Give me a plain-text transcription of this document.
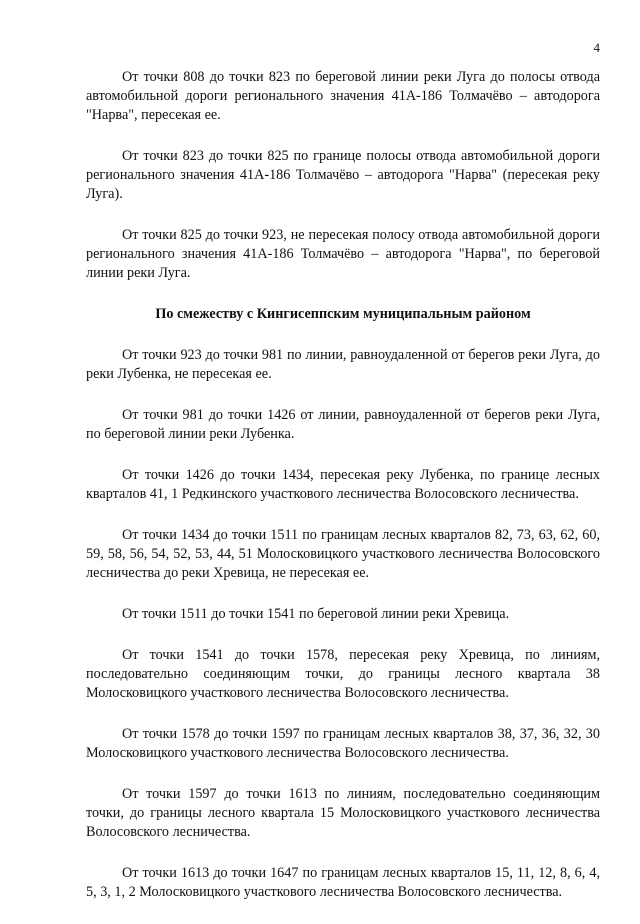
4

От точки 808 до точки 823 по береговой линии реки Луга до полосы отвода автомобильной дороги регионального значения 41А-186 Толмачёво – автодорога "Нарва", пересекая ее.

От точки 823 до точки 825 по границе полосы отвода автомобильной дороги регионального значения 41А-186 Толмачёво – автодорога "Нарва" (пересекая реку Луга).

От точки 825 до точки 923, не пересекая полосу отвода автомобильной дороги регионального значения 41А-186 Толмачёво – автодорога "Нарва", по береговой линии реки Луга.

По смежеству с Кингисеппским муниципальным районом

От точки 923 до точки 981 по линии, равноудаленной от берегов реки Луга, до реки Лубенка, не пересекая ее.

От точки 981 до точки 1426 от линии, равноудаленной от берегов реки Луга, по береговой линии реки Лубенка.

От точки 1426 до точки 1434, пересекая реку Лубенка, по границе лесных кварталов 41, 1 Редкинского участкового лесничества Волосовского лесничества.

От точки 1434 до точки 1511 по границам лесных кварталов 82, 73, 63, 62, 60, 59, 58, 56, 54, 52, 53, 44, 51 Молосковицкого участкового лесничества Волосовского лесничества до реки Хревица, не пересекая ее.

От точки 1511 до точки 1541 по береговой линии реки Хревица.

От точки 1541 до точки 1578, пересекая реку Хревица, по линиям, последовательно соединяющим точки, до границы лесного квартала 38 Молосковицкого участкового лесничества Волосовского лесничества.

От точки 1578 до точки 1597 по границам лесных кварталов 38, 37, 36, 32, 30 Молосковицкого участкового лесничества Волосовского лесничества.

От точки 1597 до точки 1613 по линиям, последовательно соединяющим точки, до границы лесного квартала 15 Молосковицкого участкового лесничества Волосовского лесничества.

От точки 1613 до точки 1647 по границам лесных кварталов 15, 11, 12, 8, 6, 4, 5, 3, 1, 2 Молосковицкого участкового лесничества Волосовского лесничества.
